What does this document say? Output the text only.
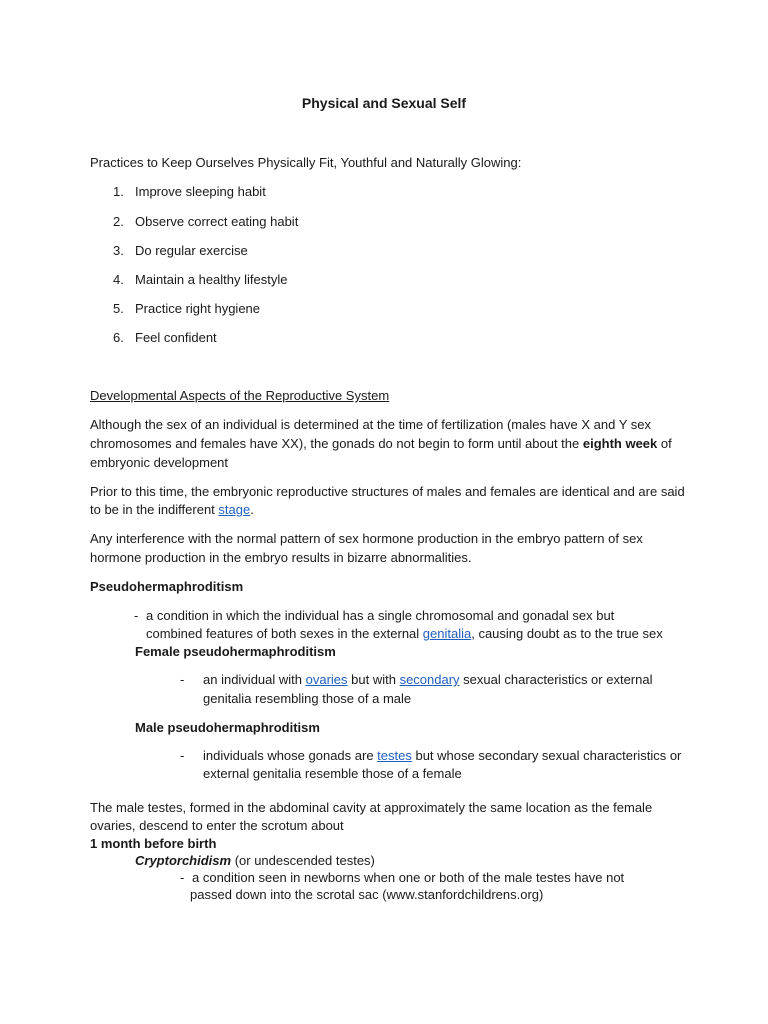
Physical and Sexual Self
Practices to Keep Ourselves Physically Fit, Youthful and Naturally Glowing:
1. Improve sleeping habit
2. Observe correct eating habit
3. Do regular exercise
4. Maintain a healthy lifestyle
5. Practice right hygiene
6. Feel confident
Developmental Aspects of the Reproductive System
Although the sex of an individual is determined at the time of fertilization (males have X and Y sex
chromosomes and females have XX), the gonads do not begin to form until about the eighth week of
embryonic development
Prior to this time, the embryonic reproductive structures of males and females are identical and are said
to be in the indifferent stage.
Any interference with the normal pattern of sex hormone production in the embryo pattern of sex
hormone production in the embryo results in bizarre abnormalities.
Pseudohermaphroditism
- a condition in which the individual has a single chromosomal and gonadal sex but
combined features of both sexes in the external genitalia, causing doubt as to the true sex
Female pseudohermaphroditism
- an individual with ovaries but with secondary sexual characteristics or external
genitalia resembling those of a male
Male pseudohermaphroditism
- individuals whose gonads are testes but whose secondary sexual characteristics or
external genitalia resemble those of a female
The male testes, formed in the abdominal cavity at approximately the same location as the female
ovaries, descend to enter the scrotum about
1 month before birth
Cryptorchidism (or undescended testes)
- a condition seen in newborns when one or both of the male testes have not
passed down into the scrotal sac (www.stanfordchildrens.org)
